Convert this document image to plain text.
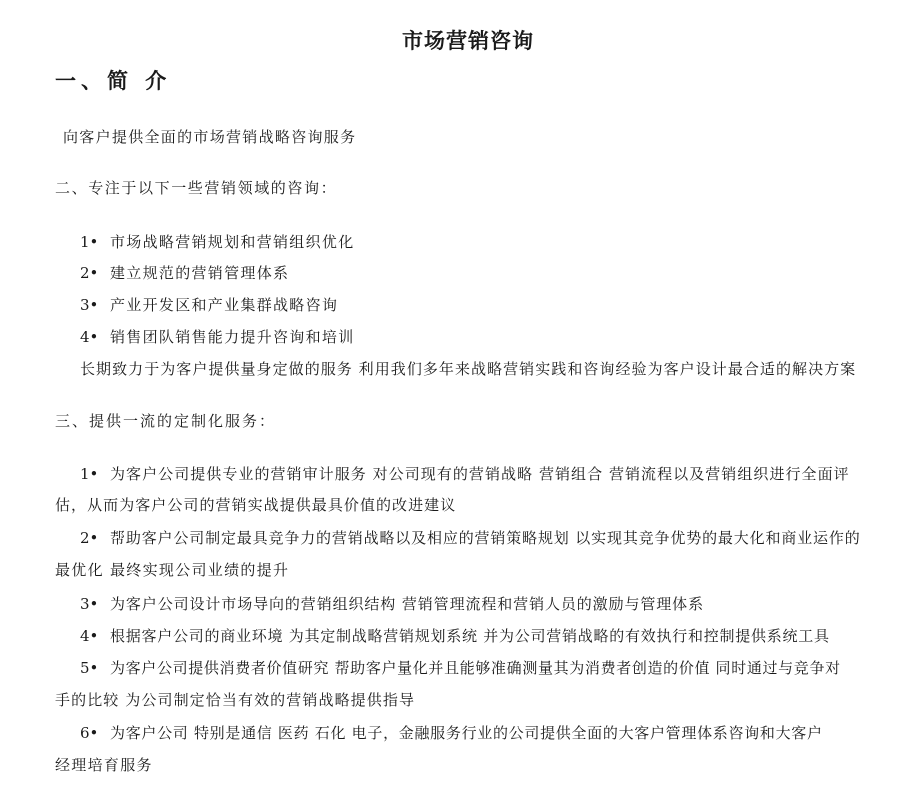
市场营销咨询
一、简 介
向客户提供全面的市场营销战略咨询服务
二、专注于以下一些营销领域的咨询：
1• 市场战略营销规划和营销组织优化
2• 建立规范的营销管理体系
3• 产业开发区和产业集群战略咨询
4• 销售团队销售能力提升咨询和培训
长期致力于为客户提供量身定做的服务 利用我们多年来战略营销实践和咨询经验为客户设计最合适的解决方案
三、提供一流的定制化服务：
1• 为客户公司提供专业的营销审计服务 对公司现有的营销战略 营销组合 营销流程以及营销组织进行全面评
估，从而为客户公司的营销实战提供最具价值的改进建议
2• 帮助客户公司制定最具竞争力的营销战略以及相应的营销策略规划 以实现其竞争优势的最大化和商业运作的
最优化 最终实现公司业绩的提升
3• 为客户公司设计市场导向的营销组织结构 营销管理流程和营销人员的激励与管理体系
4• 根据客户公司的商业环境 为其定制战略营销规划系统 并为公司营销战略的有效执行和控制提供系统工具
5• 为客户公司提供消费者价值研究 帮助客户量化并且能够准确测量其为消费者创造的价值 同时通过与竞争对
手的比较 为公司制定恰当有效的营销战略提供指导
6• 为客户公司 特别是通信 医药 石化 电子，金融服务行业的公司提供全面的大客户管理体系咨询和大客户
经理培育服务
